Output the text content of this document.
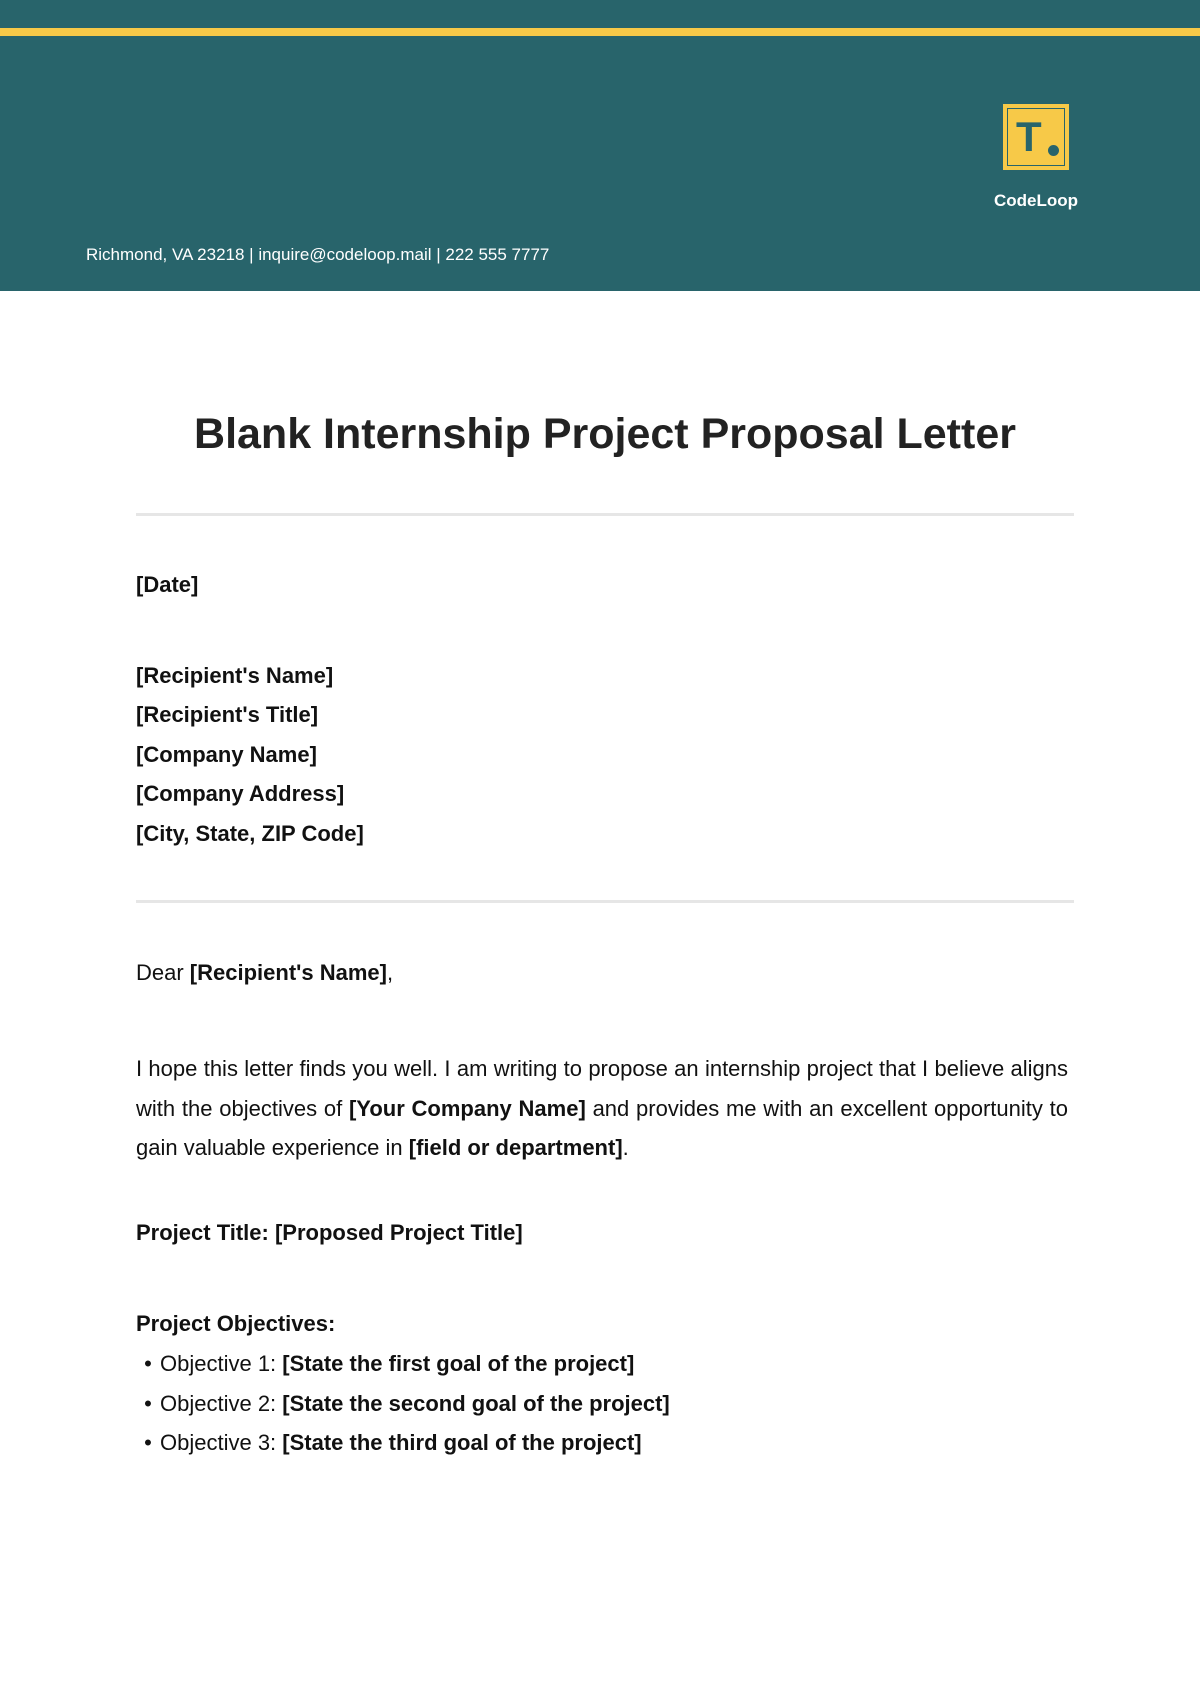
T
CodeLoop
Richmond, VA 23218 | inquire@codeloop.mail | 222 555 7777
Blank Internship Project Proposal Letter
[Date]
[Recipient's Name]
[Recipient's Title]
[Company Name]
[Company Address]
[City, State, ZIP Code]
Dear [Recipient's Name],
I hope this letter finds you well. I am writing to propose an internship project that I believe aligns with the objectives of [Your Company Name] and provides me with an excellent opportunity to gain valuable experience in [field or department].
Project Title: [Proposed Project Title]
Project Objectives:
• Objective 1: [State the first goal of the project]
• Objective 2: [State the second goal of the project]
• Objective 3: [State the third goal of the project]
